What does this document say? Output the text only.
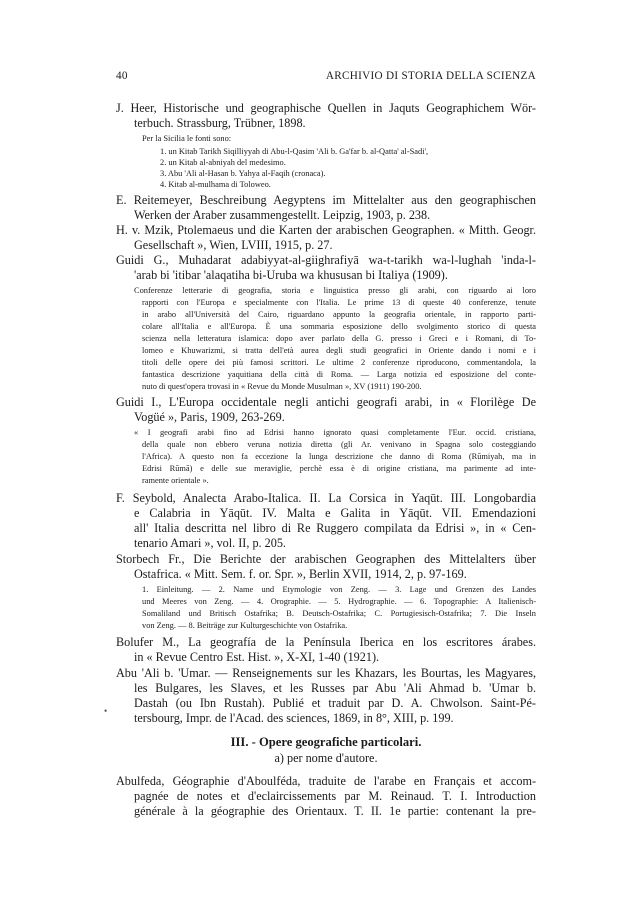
40	ARCHIVIO DI STORIA DELLA SCIENZA
J. Heer, Historische und geographische Quellen in Jaquts Geographichem Wör-
terbuch. Strassburg, Trübner, 1898.
Per la Sicilia le fonti sono:
1. un Kitab Tarikh Siqilliyyah di Abu-l-Qasim 'Ali b. Ga'far b. al-Qatta' al-Sadi',
2. un Kitab al-abniyah del medesimo.
3. Abu 'Ali al-Hasan b. Yahya al-Faqih (cronaca).
4. Kitab al-mulhama di Toloweo.
E. Reitemeyer, Beschreibung Aegyptens im Mittelalter aus den geographischen
Werken der Araber zusammengestellt. Leipzig, 1903, p. 238.
H. v. Mzik, Ptolemaeus und die Karten der arabischen Geographen. « Mitth. Geogr.
Gesellschaft », Wien, LVIII, 1915, p. 27.
Guidi G., Muhadarat adabiyyat-al-giighrafiyā wa-t-tarikh wa-l-lughah 'inda-l-
'arab bi 'itibar 'alaqatiha bi-Uruba wa khususan bi Italiya (1909).
Conferenze letterarie di geografia, storia e linguistica presso gli arabi, con riguardo ai loro
rapporti con l'Europa e specialmente con l'Italia. Le prime 13 di queste 40 conferenze, tenute
in arabo all'Università del Cairo, riguardano appunto la geografia orientale, in rapporto parti-
colare all'Italia e all'Europa. È una sommaria esposizione dello svolgimento storico di questa
scienza nella letteratura islamica: dopo aver parlato della G. presso i Greci e i Romani, di To-
lomeo e Khuwarizmi, si tratta dell'età aurea degli studi geografici in Oriente dando i nomi e i
titoli delle opere dei più famosi scrittori. Le ultime 2 conferenze riproducono, commentandola, la
fantastica descrizione yaquitiana della città di Roma. — Larga notizia ed esposizione del conte-
nuto di quest'opera trovasi in « Revue du Monde Musulman », XV (1911) 190-200.
Guidi I., L'Europa occidentale negli antichi geografi arabi, in « Florilège De
Vogüé », Paris, 1909, 263-269.
« I geografi arabi fino ad Edrisi hanno ignorato quasi completamente l'Eur. occid. cristiana,
della quale non ebbero veruna notizia diretta (gli Ar. venivano in Spagna solo costeggiando
l'Africa). A questo non fa eccezione la lunga descrizione che danno di Roma (Rūmiyah, ma in
Edrisi Rūmā) e delle sue meraviglie, perchè essa è di origine cristiana, ma parimente ad inte-
ramente orientale ».
F. Seybold, Analecta Arabo-Italica. II. La Corsica in Yaqūt. III. Longobardia
e Calabria in Yāqūt. IV. Malta e Galita in Yāqūt. VII. Emendazioni
all' Italia descritta nel libro di Re Ruggero compilata da Edrisi », in « Cen-
tenario Amari », vol. II, p. 205.
Storbech Fr., Die Berichte der arabischen Geographen des Mittelalters über
Ostafrica. « Mitt. Sem. f. or. Spr. », Berlin XVII, 1914, 2, p. 97-169.
1. Einleitung. — 2. Name und Etymologie von Zeng. — 3. Lage und Grenzen des Landes
und Meeres von Zeng. — 4. Orographie. — 5. Hydrographie. — 6. Topographie: A Italienisch-
Somaliland und Britisch Ostafrika; B. Deutsch-Ostafrika; C. Portugiesisch-Ostafrika; 7. Die Inseln
von Zeng. — 8. Beiträge zur Kulturgeschichte von Ostafrika.
Bolufer M., La geografía de la Península Iberica en los escritores árabes.
in « Revue Centro Est. Hist. », X-XI, 1-40 (1921).
Abu 'Ali b. 'Umar. — Renseignements sur les Khazars, les Bourtas, les Magyares,
les Bulgares, les Slaves, et les Russes par Abu 'Ali Ahmad b. 'Umar b.
Dastah (ou Ibn Rustah). Publié et traduit par D. A. Chwolson. Saint-Pé-
tersbourg, Impr. de l'Acad. des sciences, 1869, in 8°, XIII, p. 199.
•
III. - Opere geografiche particolari.
a) per nome d'autore.
Abulfeda, Géographie d'Aboulféda, traduite de l'arabe en Français et accom-
pagnée de notes et d'eclaircissements par M. Reinaud. T. I. Introduction
générale à la géographie des Orientaux. T. II. 1e partie: contenant la pre-
